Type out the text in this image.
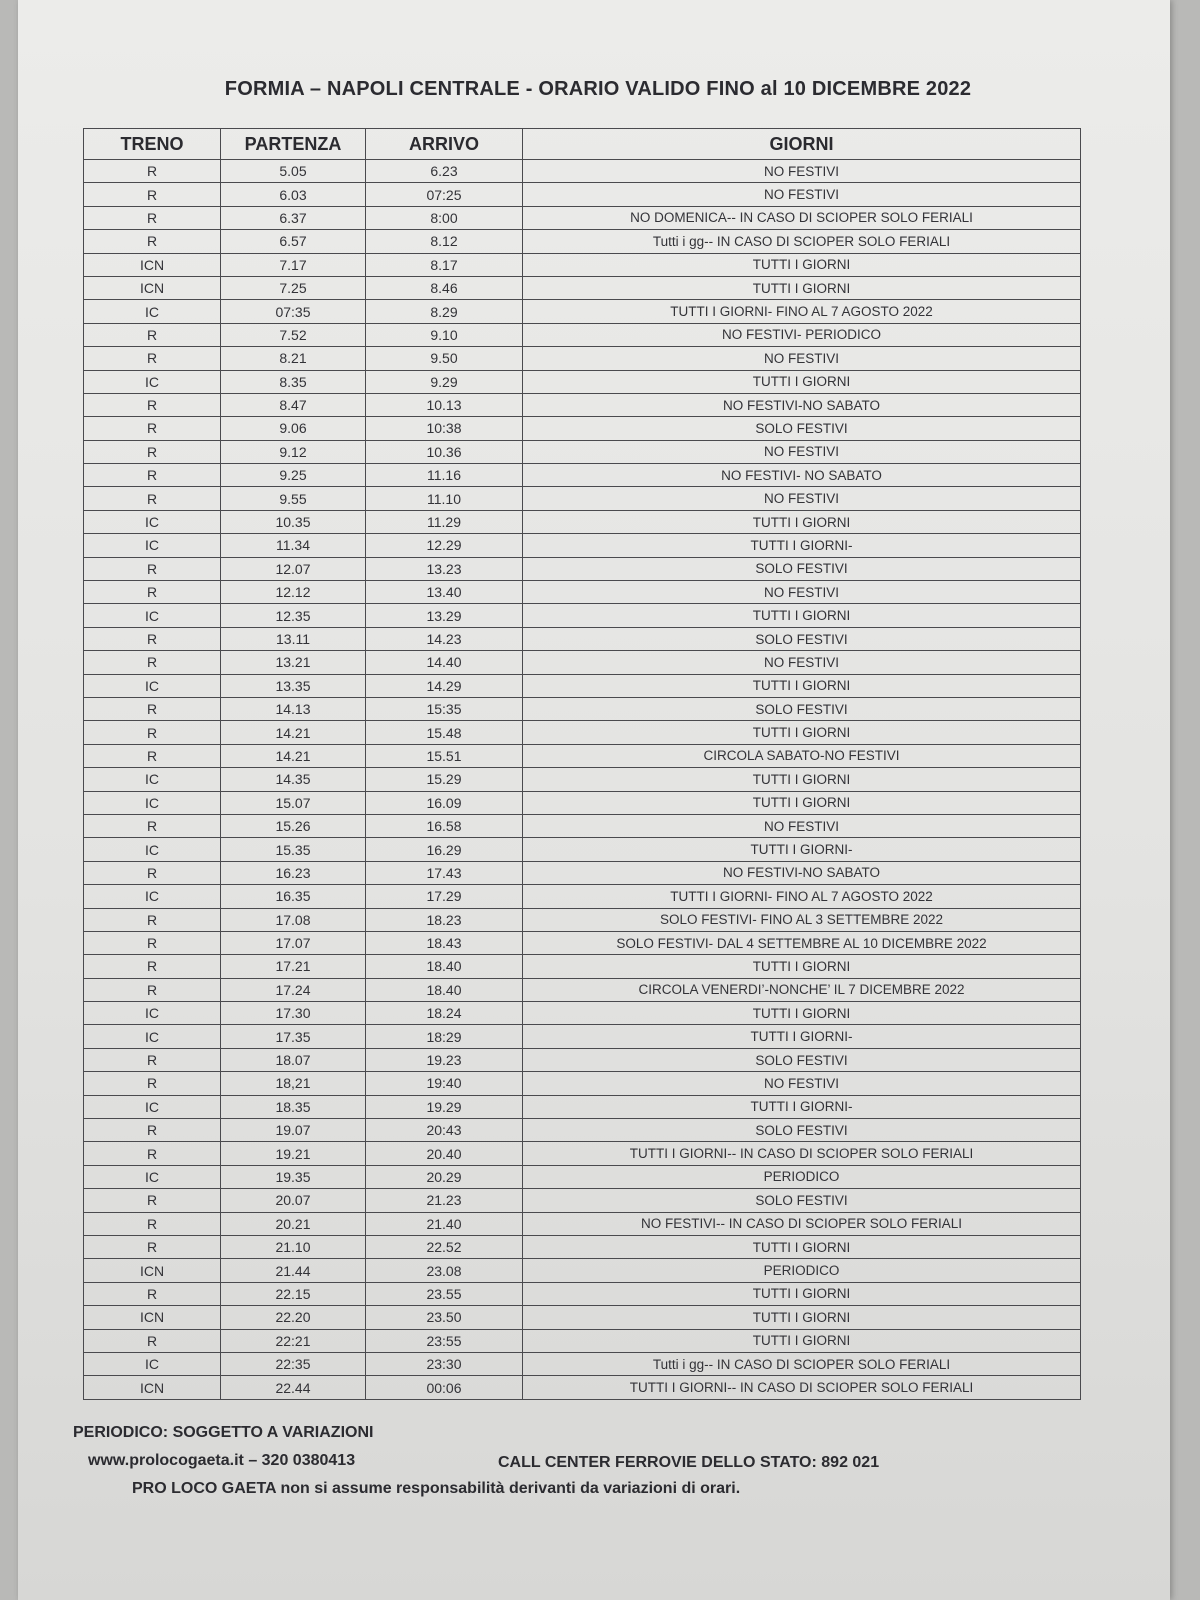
FORMIA – NAPOLI CENTRALE - ORARIO VALIDO FINO al 10 DICEMBRE 2022
TRENO	PARTENZA	ARRIVO	GIORNI
R	5.05	6.23	NO FESTIVI
R	6.03	07:25	NO FESTIVI
R	6.37	8:00	NO DOMENICA-- IN CASO DI SCIOPER SOLO FERIALI
R	6.57	8.12	Tutti i gg-- IN CASO DI SCIOPER SOLO FERIALI
ICN	7.17	8.17	TUTTI I GIORNI
ICN	7.25	8.46	TUTTI I GIORNI
IC	07:35	8.29	TUTTI I GIORNI- FINO AL 7 AGOSTO 2022
R	7.52	9.10	NO FESTIVI- PERIODICO
R	8.21	9.50	NO FESTIVI
IC	8.35	9.29	TUTTI I GIORNI
R	8.47	10.13	NO FESTIVI-NO SABATO
R	9.06	10:38	SOLO FESTIVI
R	9.12	10.36	NO FESTIVI
R	9.25	11.16	NO FESTIVI- NO SABATO
R	9.55	11.10	NO FESTIVI
IC	10.35	11.29	TUTTI I GIORNI
IC	11.34	12.29	TUTTI I GIORNI-
R	12.07	13.23	SOLO FESTIVI
R	12.12	13.40	NO FESTIVI
IC	12.35	13.29	TUTTI I GIORNI
R	13.11	14.23	SOLO FESTIVI
R	13.21	14.40	NO FESTIVI
IC	13.35	14.29	TUTTI I GIORNI
R	14.13	15:35	SOLO FESTIVI
R	14.21	15.48	TUTTI I GIORNI
R	14.21	15.51	CIRCOLA SABATO-NO FESTIVI
IC	14.35	15.29	TUTTI I GIORNI
IC	15.07	16.09	TUTTI I GIORNI
R	15.26	16.58	NO FESTIVI
IC	15.35	16.29	TUTTI I GIORNI-
R	16.23	17.43	NO FESTIVI-NO SABATO
IC	16.35	17.29	TUTTI I GIORNI- FINO AL 7 AGOSTO 2022
R	17.08	18.23	SOLO FESTIVI- FINO AL 3 SETTEMBRE 2022
R	17.07	18.43	SOLO FESTIVI- DAL 4 SETTEMBRE AL 10 DICEMBRE 2022
R	17.21	18.40	TUTTI I GIORNI
R	17.24	18.40	CIRCOLA VENERDI’-NONCHE’ IL 7 DICEMBRE 2022
IC	17.30	18.24	TUTTI I GIORNI
IC	17.35	18:29	TUTTI I GIORNI-
R	18.07	19.23	SOLO FESTIVI
R	18,21	19:40	NO FESTIVI
IC	18.35	19.29	TUTTI I GIORNI-
R	19.07	20:43	SOLO FESTIVI
R	19.21	20.40	TUTTI I GIORNI-- IN CASO DI SCIOPER SOLO FERIALI
IC	19.35	20.29	PERIODICO
R	20.07	21.23	SOLO FESTIVI
R	20.21	21.40	NO FESTIVI-- IN CASO DI SCIOPER SOLO FERIALI
R	21.10	22.52	TUTTI I GIORNI
ICN	21.44	23.08	PERIODICO
R	22.15	23.55	TUTTI I GIORNI
ICN	22.20	23.50	TUTTI I GIORNI
R	22:21	23:55	TUTTI I GIORNI
IC	22:35	23:30	Tutti i gg-- IN CASO DI SCIOPER SOLO FERIALI
ICN	22.44	00:06	TUTTI I GIORNI-- IN CASO DI SCIOPER SOLO FERIALI
PERIODICO: SOGGETTO A VARIAZIONI
www.prolocogaeta.it – 320 0380413	CALL CENTER FERROVIE DELLO STATO: 892 021
PRO LOCO GAETA non si assume responsabilità derivanti da variazioni di orari.
